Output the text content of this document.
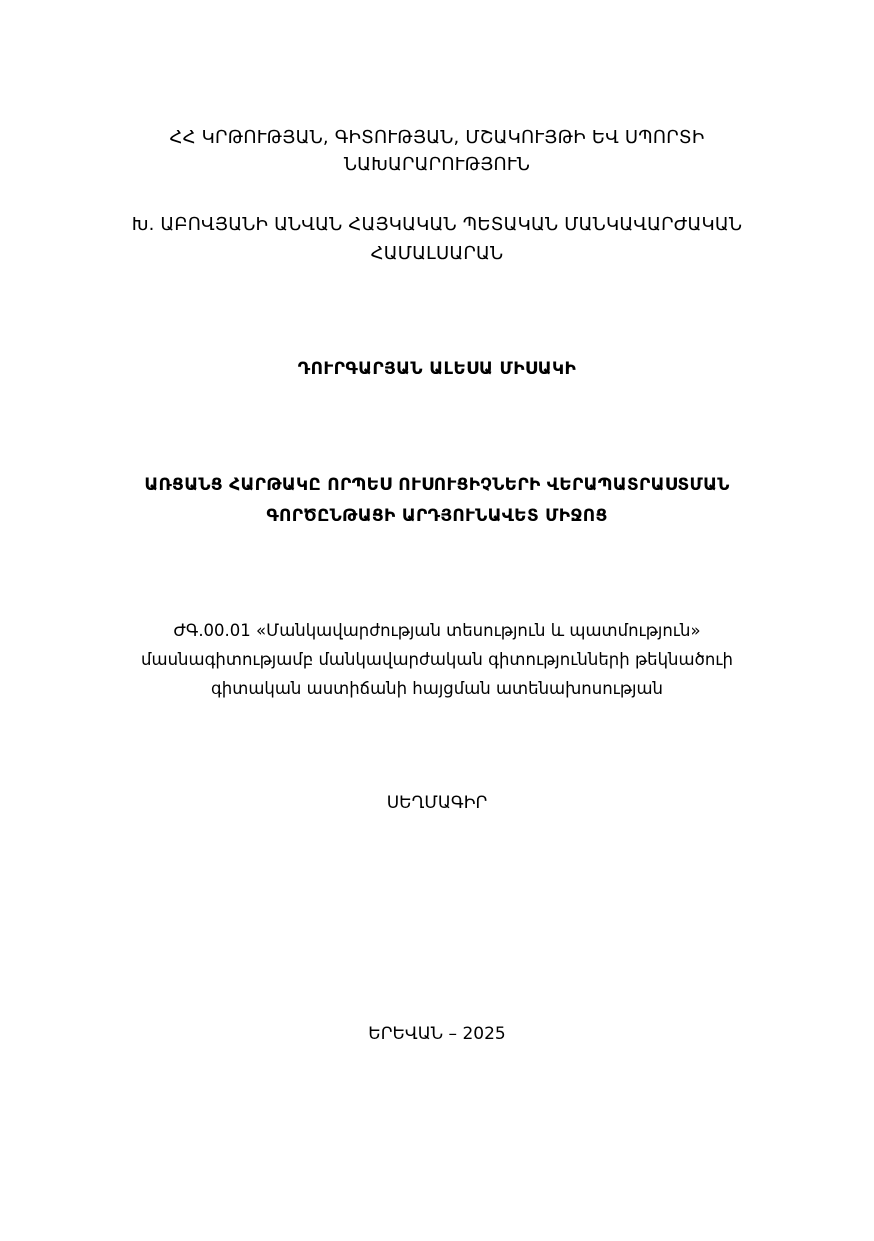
ՀՀ ԿՐԹՈՒԹՅԱՆ, ԳԻՏՈՒԹՅԱՆ, ՄՇԱԿՈՒՅԹԻ ԵՎ ՍՊՈՐՏԻ
ՆԱԽԱՐԱՐՈՒԹՅՈՒՆ
Խ. ԱԲՈՎՅԱՆԻ ԱՆՎԱՆ ՀԱՅԿԱԿԱՆ ՊԵՏԱԿԱՆ ՄԱՆԿԱՎԱՐԺԱԿԱՆ
ՀԱՄԱԼՍԱՐԱՆ
ԴՈՒՐԳԱՐՅԱՆ ԱԼԵՍԱ ՄԻՍԱԿԻ
ԱՌՑԱՆՑ ՀԱՐԹԱԿԸ ՈՐՊԵՍ ՈՒՍՈՒՑԻՉՆԵՐԻ ՎԵՐԱՊԱՏՐԱՍՏՄԱՆ
ԳՈՐԾԸՆԹԱՑԻ ԱՐԴՅՈՒՆԱՎԵՏ ՄԻՋՈՑ
ԺԳ.00.01 «Մանկավարժության տեսություն և պատմություն»
մասնագիտությամբ մանկավարժական գիտությունների թեկնածուի
գիտական աստիճանի հայցման ատենախոսության
ՍԵՂՄԱԳԻՐ
ԵՐԵՎԱՆ – 2025
